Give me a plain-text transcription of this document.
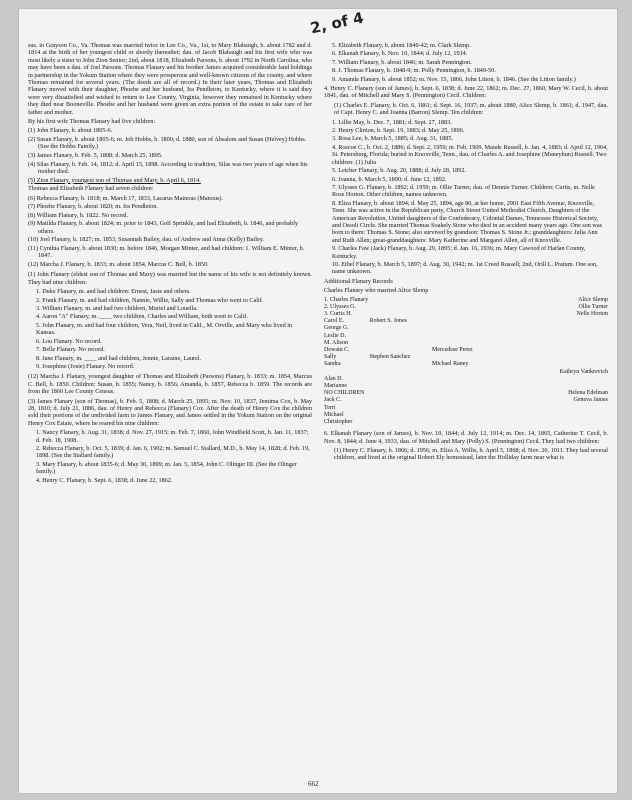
2, of 4

sus. in Grayson Co., Va. Thomas was married twice in Lee Co., Va., 1st, to Mary Blabaugh, b. about 1782 and d. 1814 at the birth of her youngest child or shortly thereafter; dau. of Jacob Blabaugh and his first wife who was most likely a sister to John Zion Senior; 2nd, about 1818, Elizabeth Parsons, b. about 1792 in North Carolina, who may have been a dau. of Joel Parsons. Thomas Flanary and his brother James acquired considerable land holdings in partnership in the Yokum Station where they were prosperous and well-known citizens of the county, and where Thomas remained for several years. (The deeds are all of record.) In their later years, Thomas and Elizabeth Flanary moved with their daughter, Phoebe and her husband, Ira Pendleton, to Kentucky, where it is said they were very dissatisfied and wished to return to Lee County, Virginia, however they remained in Kentucky where they died near Booneville. Phoebe and her husband were given an extra portion of the estate to take care of her father and mother.

By his first wife Thomas Flanary had five children:

(1) John Flanary, b. about 1805-6.
(2) Susan Flanary, b. about 1805-6; m. Job Hobbs, b. 1800; d. 1880, son of Absalom and Susan (Helvey) Hobbs. (See the Hobbs Family.)
(3) James Flanary, b. Feb. 5, 1808; d. March 25, 1895.
(4) Silas Flanary, b. Feb. 14, 1812; d. April 15, 1898. According to tradition, Silas was two years of age when his mother died.
(5) Zion Flanary, youngest son of Thomas and Mary, b. April 6, 1814.

Thomas and Elizabeth Flanary had seven children:

(6) Rebecca Flanary, b. 1818; m. March 17, 1833, Lacarus Mainous (Manous).
(7) Phoebe Flanary, b. about 1820; m. Ira Pendleton.
(8) William Flanary, b. 1822. No record.
(9) Matilda Flanary, b. about 1824; m. prior to 1843, Golf Sprinkle, and had Elizabeth, b. 1846, and probably others.
(10) Joel Flanary, b. 1827; m. 1853, Susannah Bailey, dau. of Andrew and Anna (Kelly) Bailey.
(11) Cynthia Flanary, b. about 1830; m. before 1846, Morgan Minter, and had children: 1. William E. Minter, b. 1847.
(12) Marcha J. Flanary, b. 1833; m. about 1854, Marcus C. Bell, b. 1850.

(1) John Flanary (eldest son of Thomas and Mary) was married but the name of his wife is not definitely known. They had nine children:

1. Duke Flanary, m. and had children: Ernest, Jasie and others.
2. Frank Flanary, m. and had children, Nannie, Willie, Sally and Thomas who went to Calif.
3. William Flanary, m. and had two children, Muriel and Louella.
4. Aaron "A" Flanary, m. ____ two children, Charles and William, both went to Calif.
5. John Flanary, m. and had four children, Vera, Neil, lived in Calif., M. Orville, and Mary who lived in Kansas.
6. Lou Flanary. No record.
7. Belle Flanary. No record.
8. Jane Flanary, m. ____ and had children, Jennie, Laraine, Laurel.
9. Josephine (Josie) Flanary. No record.

(12) Marcha J. Flanary, youngest daughter of Thomas and Elizabeth (Parsons) Flanary, b. 1833; m. 1854, Marcus C. Bell, b. 1850. Children: Susan, b. 1855; Nancy, b. 1856; Amanda, b. 1857, Rebecca b. 1859. The records are from the 1860 Lee County Census.

(3) James Flanary (son of Thomas), b. Feb. 5, 1808; d. March 25, 1895; m. Nov. 10, 1837, Jemima Cox, b. May 28, 1810; d. July 21, 1886, dau. of Henry and Rebecca (Flanary) Cox. After the death of Henry Cox the children sold their portions of the undivided farm to James Flanary, and James settled in the Yokum Station on the original Henry Cox Estate, where he reared his nine children:

1. Nancy Flanary, b. Aug. 31, 1838; d. Nov. 27, 1915; m. Feb. 7, 1860, John Windfield Scott, b. Jan. 11, 1837; d. Feb. 18, 1908.
2. Rebecca Flanary, b. Oct. 5, 1839; d. Jan. 6, 1902; m. Samuel C. Stallard, M.D., b. May 14, 1828; d. Feb. 19, 1898. (See the Stallard family.)
3. Mary Flanary, b. about 1835-6; d. May 30, 1899; m. Jan. 5, 1854, John C. Olinger III. (See the Olinger family.)
4. Henry C. Flanary, b. Sept. 6, 1838; d. June 22, 1862.
5. Elizabeth Flanary, b. about 1840-42; m. Clark Slemp.
6. Elkanah Flanary, b. Nov. 10, 1844; d. July 12, 1914.
7. William Flanary, b. about 1846; m. Sarah Pennington.
8. J. Thomas Flanary, b. 1848-9; m. Polly Pennington, b. 1849-50.
9. Amanda Flanary, b. about 1852; m. Nov. 15, 1866, John Litton, b. 1846. (See the Litton family.)

4. Henry C. Flanary (son of James), b. Sept. 6, 1838; d. June 22, 1862; m. Dec. 27, 1860, Mary W. Cecil, b. about 1841, dau. of Mitchell and Mary S. (Pennington) Cecil. Children:

(1) Charles E. Flanary, b. Oct. 6, 1861; d. Sept. 16, 1937; m. about 1880, Alice Slemp, b. 1861; d. 1947, dau. of Capt. Henry C. and Joanna (Barron) Slemp. Ten children:

1. Lillie May, b. Dec. 7, 1881; d. Sept. 27, 1883.
2. Henry Clinton, b. Sept. 19, 1883; d. May 25, 1896.
3. Rosa Lee, b. March 5, 1885; d. Aug. 31, 1885.
4. Roscoe C., b. Oct. 2, 1886; d. Sept. 2, 1959; m. Feb. 1909, Maude Russell, b. Jan. 4, 1883; d. April 12, 1964, St. Petersburg, Florida; buried in Knoxville, Tenn., dau. of Charles A. and Josephine (Muneyhun) Russell. Two children: (1) Julia
5. Letcher Flanary, b. Aug. 20, 1888; d. July 28, 1892.
6. Joanna, b. March 5, 1890; d. June 12, 1892.
7. Ulysses G. Flanary, b. 1892; d. 1959; m. Ollie Turner, dau. of Dennie Turner. Children: Curtis, m. Nelle Rose Horton. Other children, names unknown.
8. Eliza Flanary, b. about 1894; d. May 25, 1894, age 80, at her home, 2901 East Fifth Avenue, Knoxville, Tenn. She was active in the Republican party, Church Street United Methodist Church, Daughters of the American Revolution, United daughters of the Confederacy, Colonial Dames, Tennessee Historical Society, and Ossoli Circle. She married Thomas Soakely Stone who died in an accident many years ago. One son was born to them: Thomas S. Stone; also survived by grandson: Thomas S. Stone Jr.; granddaughters: Julia Ann and Ruth Allen; great-granddaughters: Mary Katherine and Margaret Allen, all of Knoxville.
9. Charles Faw (Jack) Flanary, b. Aug. 29, 1895; d. Jan. 16, 1936; m. Mary Cawood of Harlan County, Kentucky.
10. Ethel Flanary, b. March 5, 1897; d. Aug. 30, 1942; m. 1st Creed Russell; 2nd, Orill L. Pratum. One son, name unknown.
Additional Flanary Records
Charles Flanary who married Alice Slemp
1. Charles Flanary			Alice Slemp
2. Ulysses G.			Ollie Turner
3. Curtis H.			Nelle Horton
Carol E.	Robert S. Jones		
George G.			
Leslie D.			
M. Alison			
Dewain C.		Mercedese Perez	
Sally	Stephen Sanchez		
Sandra		Michael Raney	
			Kathryn Vankrevich
Alan D.			
Marianne			
NO CHILDREN			Helena Edelman
Jack C.			Geneva James
Terri			
Michael			
Christopher			

6. Elkanah Flanary (son of James), b. Nov. 10, 1844; d. July 12, 1914; m. Dec. 14, 1865, Catherine T. Cecil, b. Nov. 8, 1844; d. June 4, 1933, dau. of Mitchell and Mary (Polly) S. (Pennington) Cecil. They had two children:

(1) Henry C. Flanary, b. 1866; d. 1956; m. Eliza A. Willis, b. April 5, 1868; d. Nov. 20, 1911. They had several children, and lived at the original Robert Ely homestead, later the Holliday farm near what is

662
